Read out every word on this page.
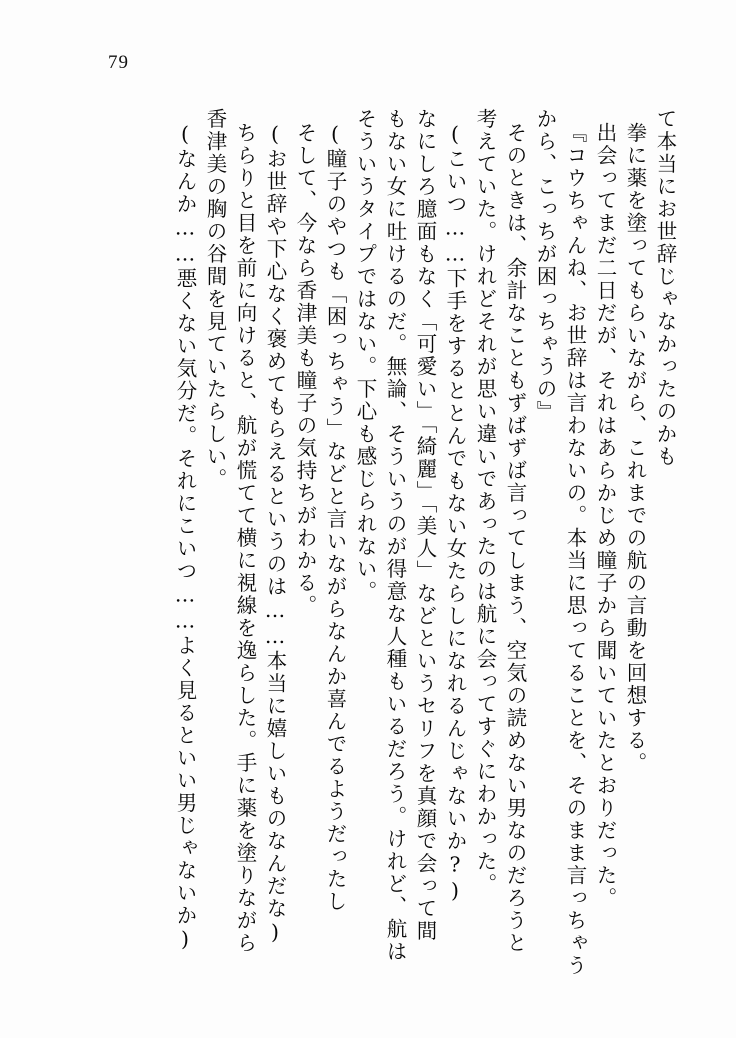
79
て本当にお世辞じゃなかったのかも
拳に薬を塗ってもらいながら、これまでの航の言動を回想する。
出会ってまだ二日だが、それはあらかじめ瞳子から聞いていたとおりだった。
『コウちゃんね、お世辞は言わないの。本当に思ってることを、そのまま言っちゃう
から、こっちが困っちゃうの』
そのときは、余計なこともずばずば言ってしまう、空気の読めない男なのだろうと
考えていた。けれどそれが思い違いであったのは航に会ってすぐにわかった。
(こいつ……下手をするととんでもない女たらしになれるんじゃないか?)
なにしろ臆面もなく「可愛い」「綺麗」「美人」などというセリフを真顔で会って間
もない女に吐けるのだ。無論、そういうのが得意な人種もいるだろう。けれど、航は
そういうタイプではない。下心も感じられない。
(瞳子のやつも「困っちゃう」などと言いながらなんか喜んでるようだったし
そして、今なら香津美も瞳子の気持ちがわかる。
(お世辞や下心なく褒めてもらえるというのは……本当に嬉しいものなんだな)
ちらりと目を前に向けると、航が慌てて横に視線を逸らした。手に薬を塗りながら
香津美の胸の谷間を見ていたらしい。
(なんか……悪くない気分だ。それにこいつ……よく見るといい男じゃないか)
